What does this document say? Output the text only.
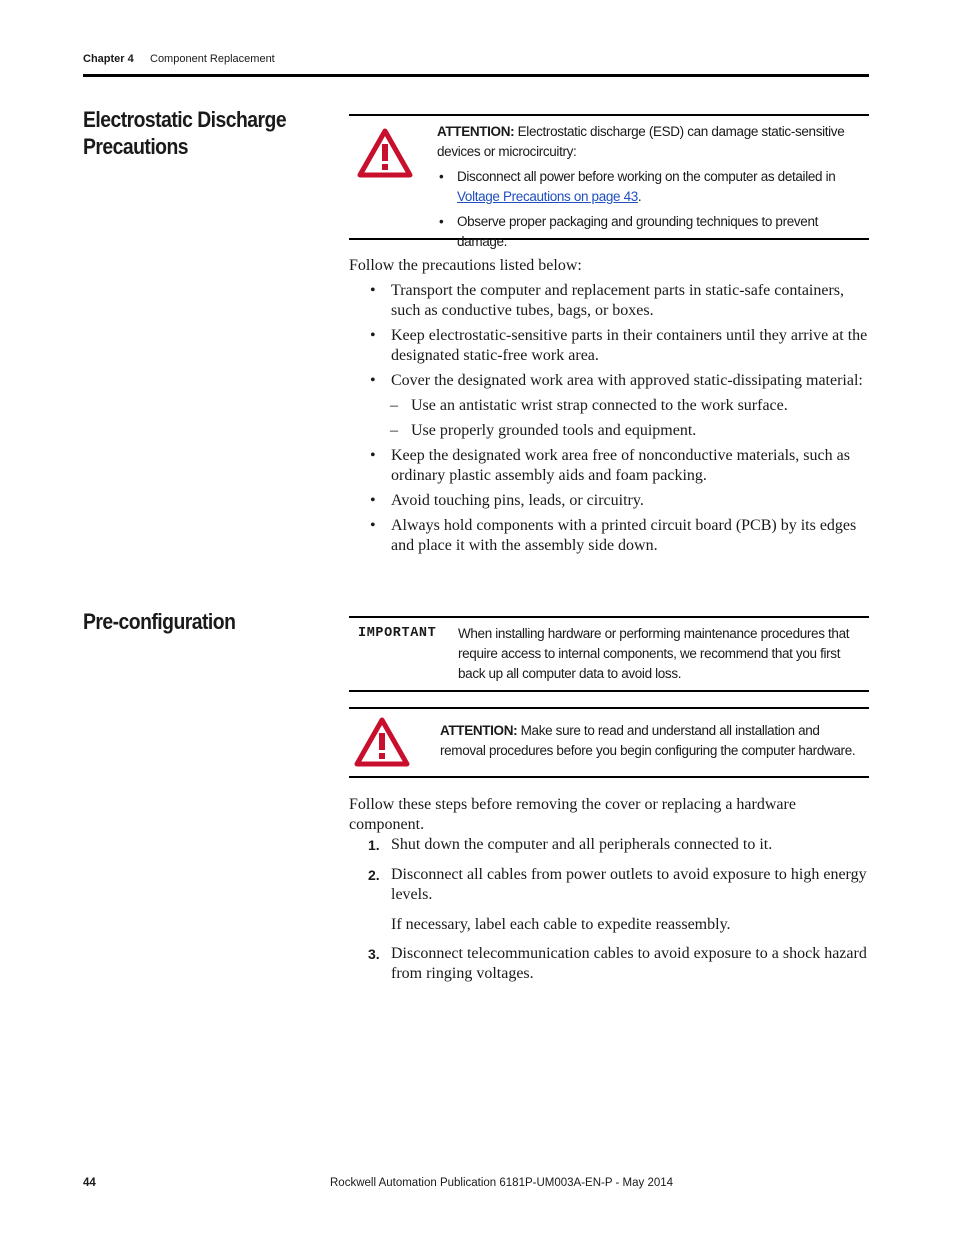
Chapter 4 Component Replacement
Electrostatic Discharge
Precautions
ATTENTION: Electrostatic discharge (ESD) can damage static-sensitive devices or microcircuitry:
• Disconnect all power before working on the computer as detailed in Voltage Precautions on page 43.
• Observe proper packaging and grounding techniques to prevent damage.
Follow the precautions listed below:
• Transport the computer and replacement parts in static-safe containers, such as conductive tubes, bags, or boxes.
• Keep electrostatic-sensitive parts in their containers until they arrive at the designated static-free work area.
• Cover the designated work area with approved static-dissipating material:
– Use an antistatic wrist strap connected to the work surface.
– Use properly grounded tools and equipment.
• Keep the designated work area free of nonconductive materials, such as ordinary plastic assembly aids and foam packing.
• Avoid touching pins, leads, or circuitry.
• Always hold components with a printed circuit board (PCB) by its edges and place it with the assembly side down.
Pre-configuration	IMPORTANT When installing hardware or performing maintenance procedures that require access to internal components, we recommend that you first back up all computer data to avoid loss.
ATTENTION: Make sure to read and understand all installation and removal procedures before you begin configuring the computer hardware.
Follow these steps before removing the cover or replacing a hardware component.
1. Shut down the computer and all peripherals connected to it.
2. Disconnect all cables from power outlets to avoid exposure to high energy levels.
If necessary, label each cable to expedite reassembly.
3. Disconnect telecommunication cables to avoid exposure to a shock hazard from ringing voltages.
44	Rockwell Automation Publication 6181P-UM003A-EN-P - May 2014
